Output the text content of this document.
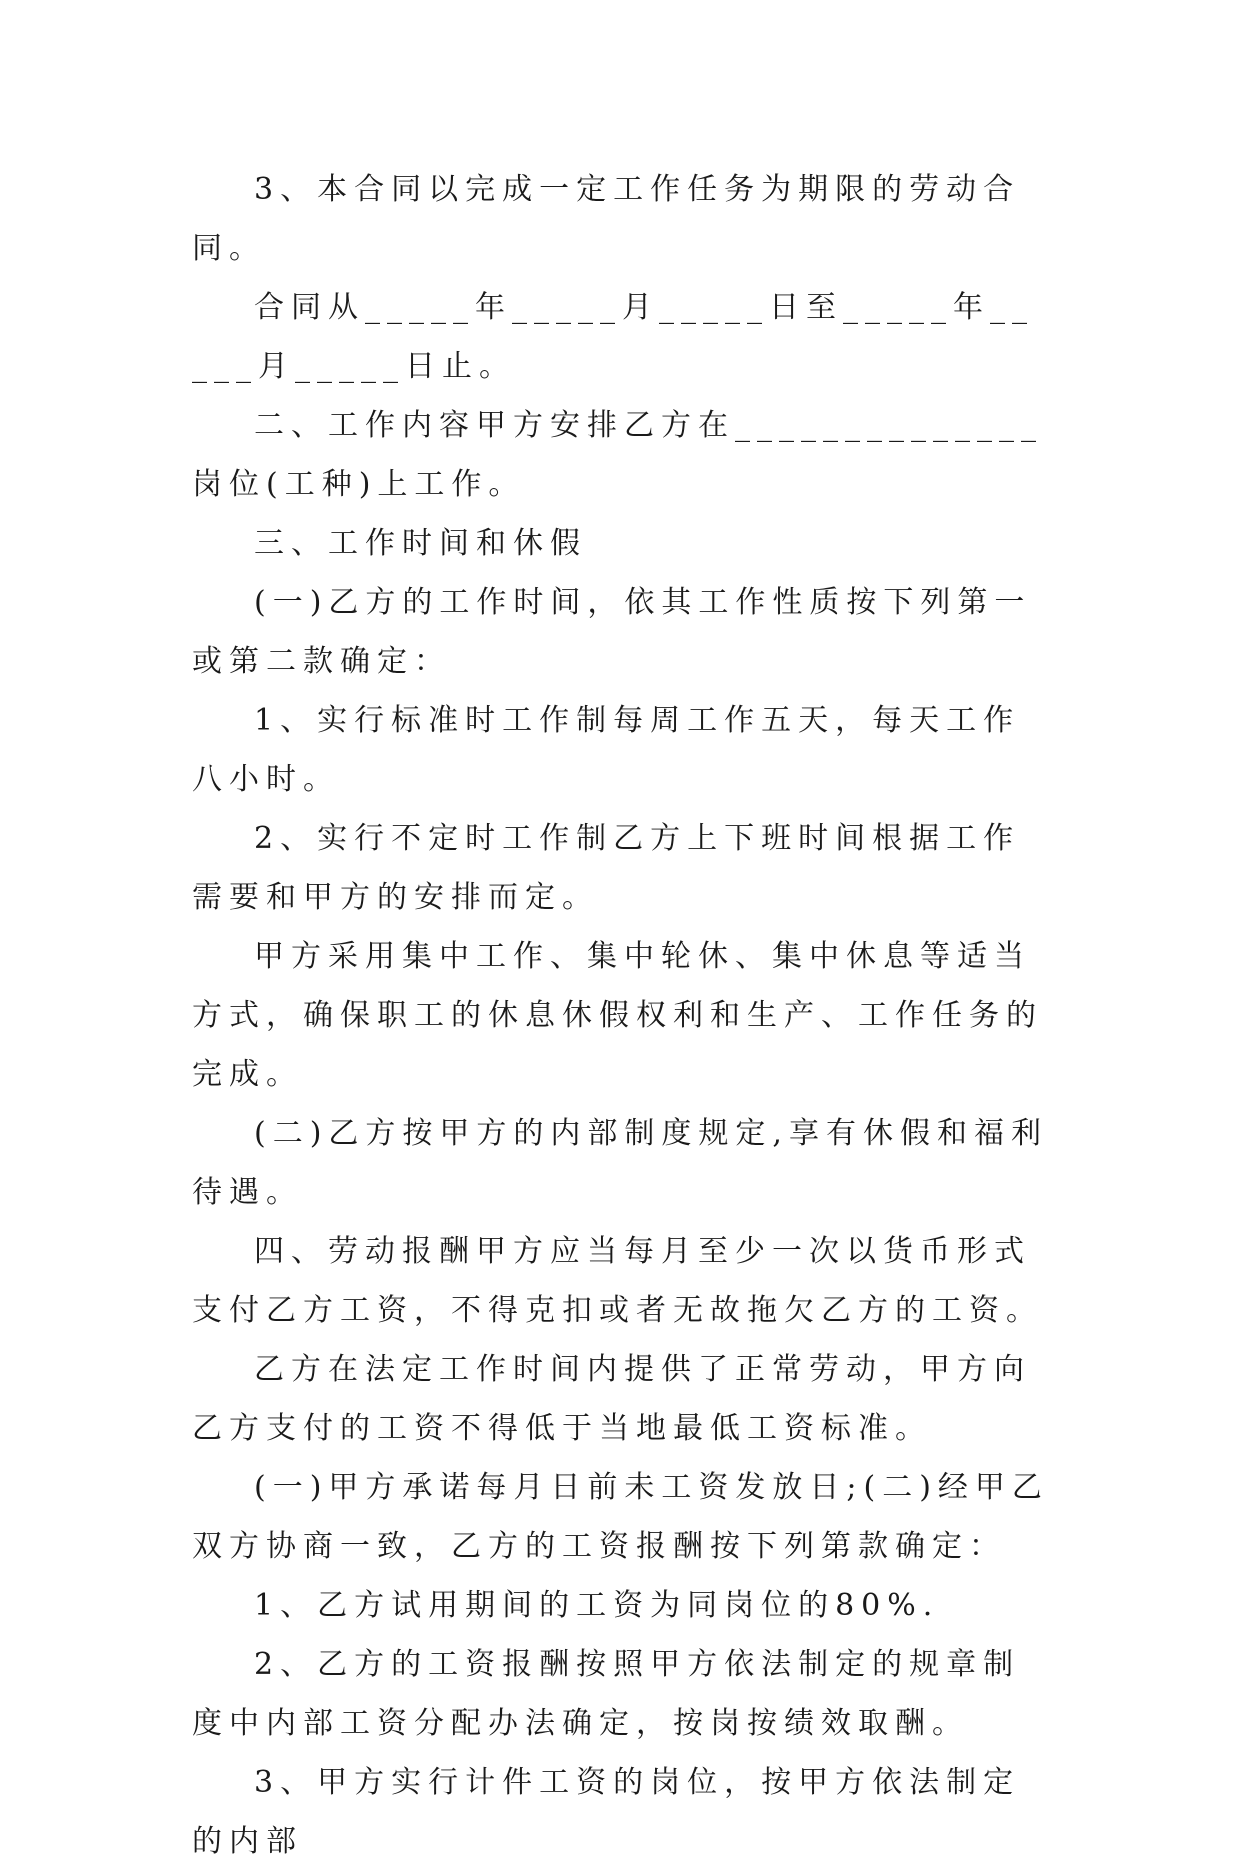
3、本合同以完成一定工作任务为期限的劳动合同。

合同从_____年_____月_____日至_____年_____月_____日止。

二、工作内容甲方安排乙方在______________岗位(工种)上工作。

三、工作时间和休假

(一)乙方的工作时间，依其工作性质按下列第一或第二款确定：

1、实行标准时工作制每周工作五天，每天工作八小时。

2、实行不定时工作制乙方上下班时间根据工作需要和甲方的安排而定。

甲方采用集中工作、集中轮休、集中休息等适当方式，确保职工的休息休假权利和生产、工作任务的完成。

(二)乙方按甲方的内部制度规定,享有休假和福利待遇。

四、劳动报酬甲方应当每月至少一次以货币形式支付乙方工资，不得克扣或者无故拖欠乙方的工资。

乙方在法定工作时间内提供了正常劳动，甲方向乙方支付的工资不得低于当地最低工资标准。

(一)甲方承诺每月日前未工资发放日;(二)经甲乙双方协商一致，乙方的工资报酬按下列第款确定：

1、乙方试用期间的工资为同岗位的80%.

2、乙方的工资报酬按照甲方依法制定的规章制度中内部工资分配办法确定，按岗按绩效取酬。

3、甲方实行计件工资的岗位，按甲方依法制定的内部
